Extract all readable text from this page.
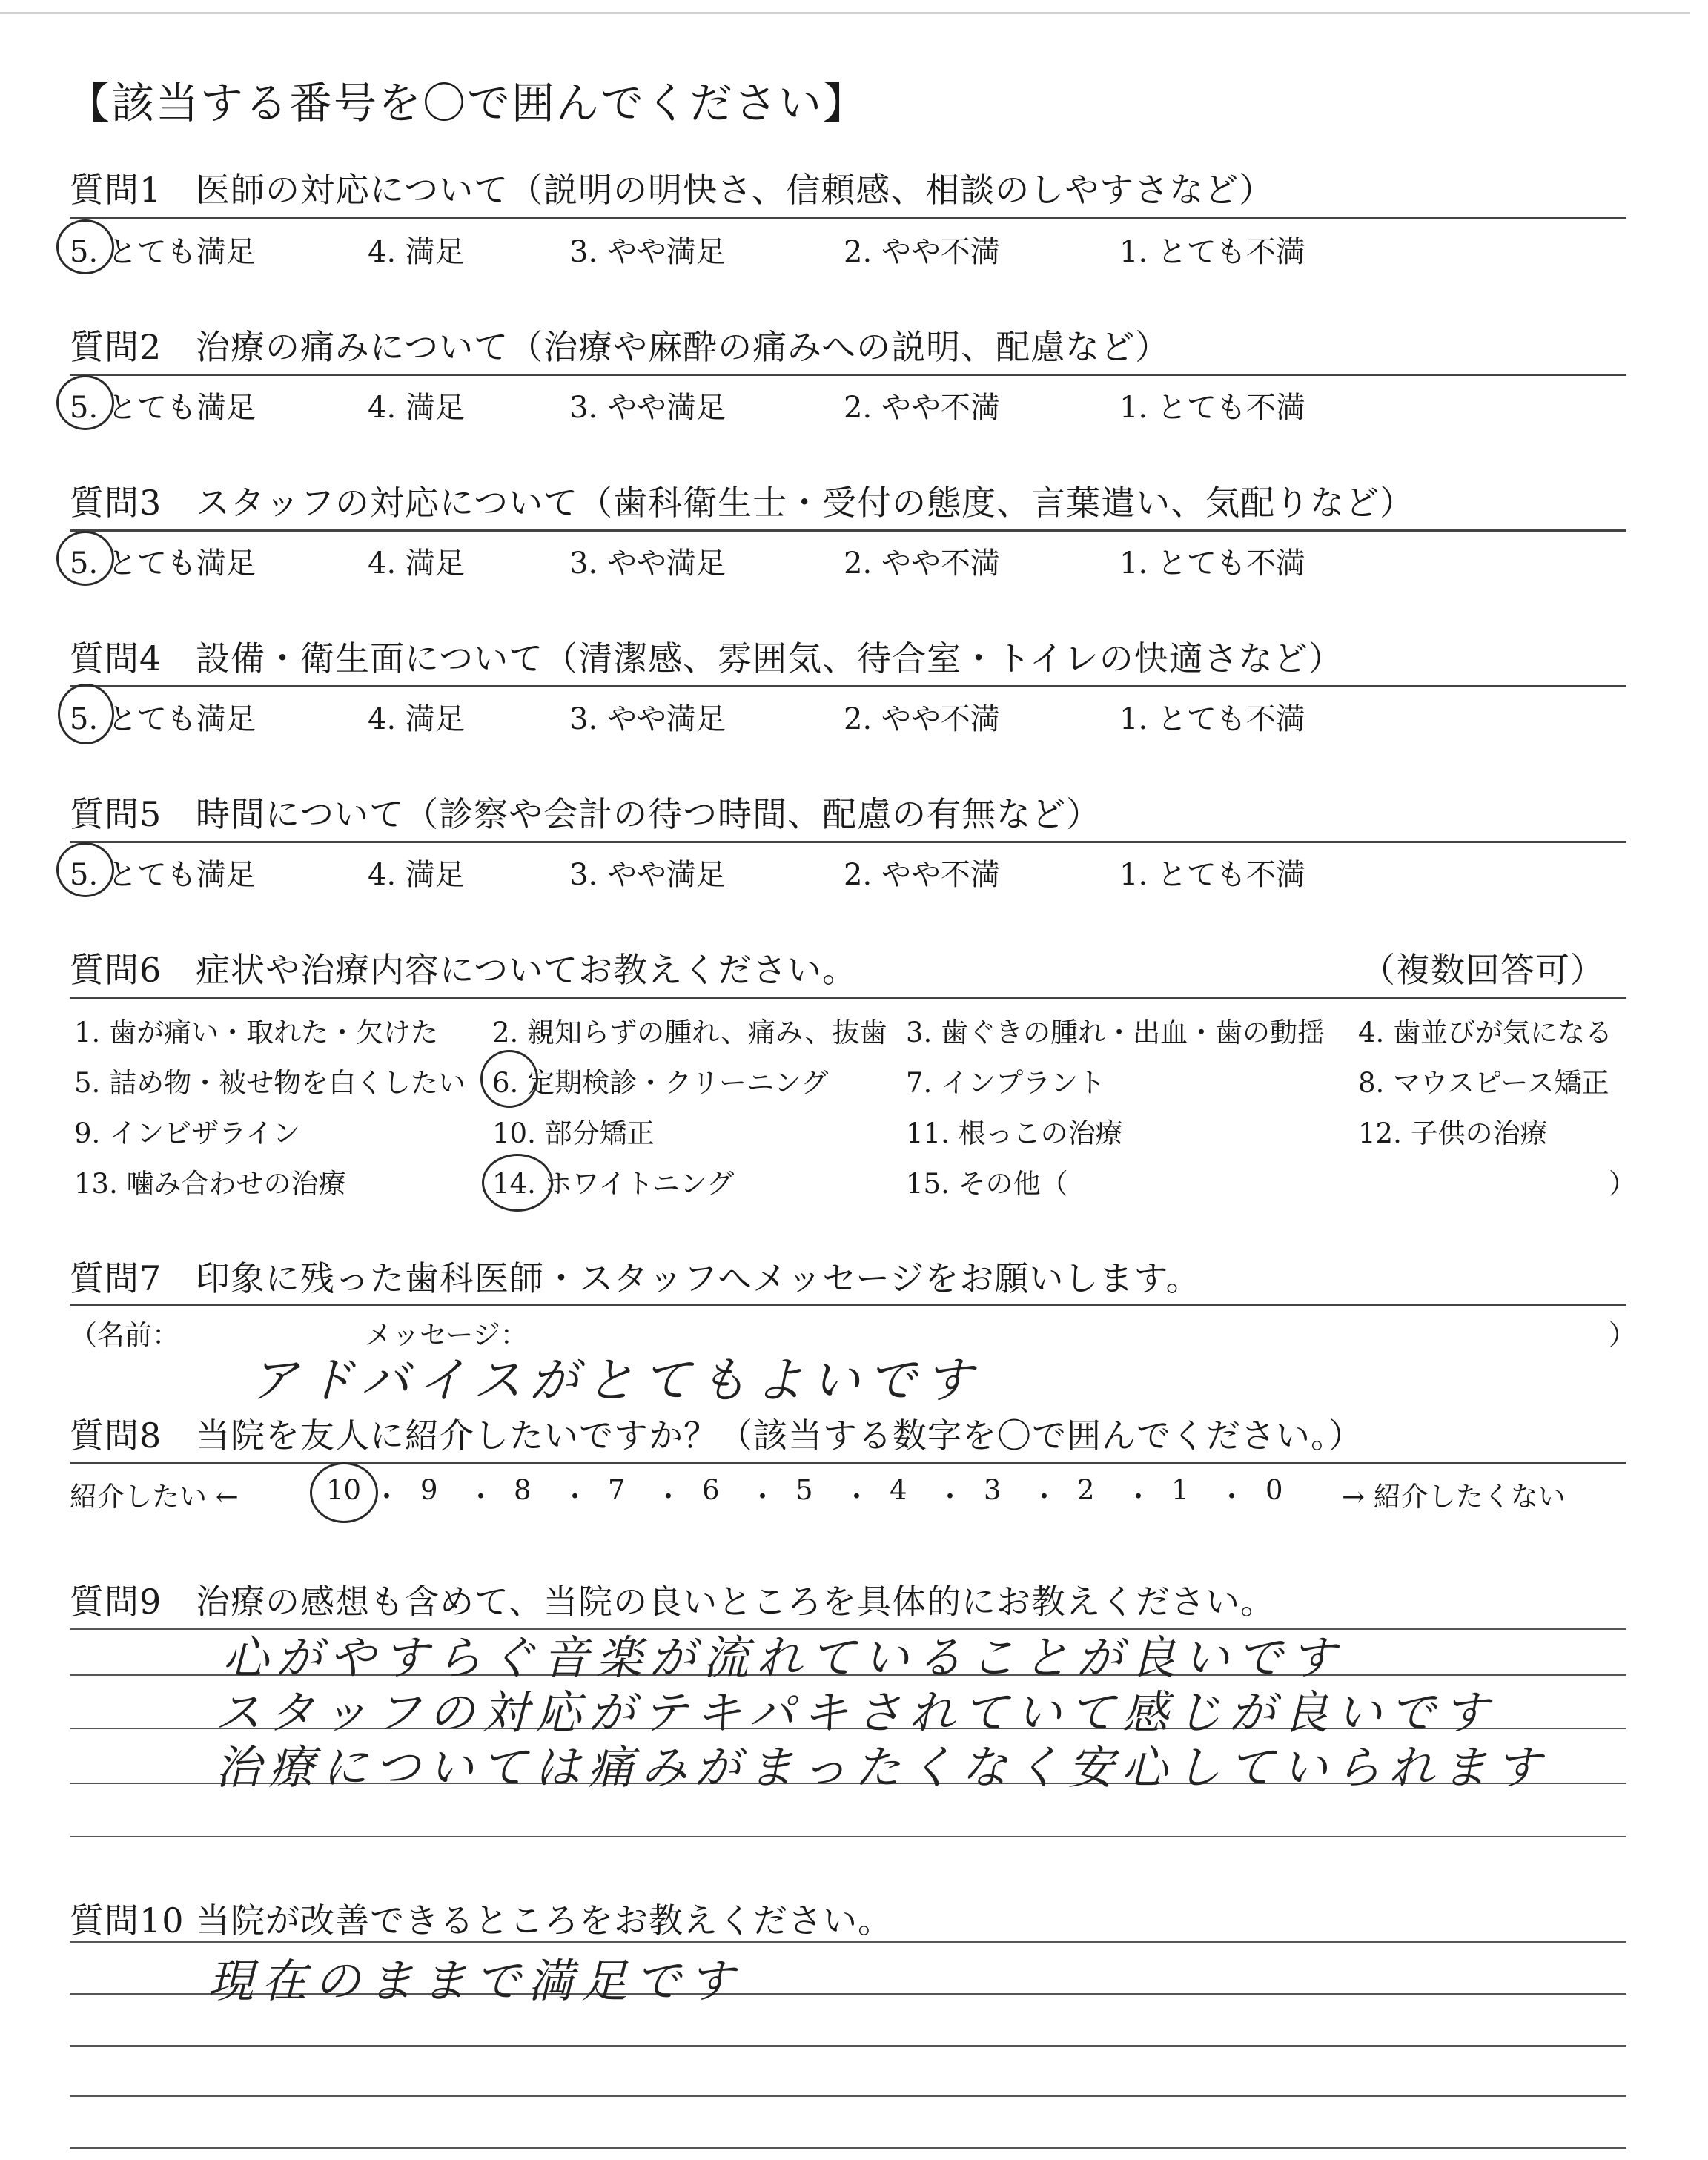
【該当する番号を〇で囲んでください】
質問1 医師の対応について（説明の明快さ、信頼感、相談のしやすさなど）
5. とても満足	4. 満足	3. やや満足	2. やや不満	1. とても不満
質問2 治療の痛みについて（治療や麻酔の痛みへの説明、配慮など）
5. とても満足	4. 満足	3. やや満足	2. やや不満	1. とても不満
質問3 スタッフの対応について（歯科衛生士・受付の態度、言葉遣い、気配りなど）
5. とても満足	4. 満足	3. やや満足	2. やや不満	1. とても不満
質問4 設備・衛生面について（清潔感、雰囲気、待合室・トイレの快適さなど）
5. とても満足	4. 満足	3. やや満足	2. やや不満	1. とても不満
質問5 時間について（診察や会計の待つ時間、配慮の有無など）
5. とても満足	4. 満足	3. やや満足	2. やや不満	1. とても不満
質問6 症状や治療内容についてお教えください。	（複数回答可）
1. 歯が痛い・取れた・欠けた 2. 親知らずの腫れ、痛み、抜歯 3. 歯ぐきの腫れ・出血・歯の動揺 4. 歯並びが気になる
5. 詰め物・被せ物を白くしたい 6. 定期検診・クリーニング	7. インプラント	8. マウスピース矯正
9. インビザライン	10. 部分矯正	11. 根っこの治療	12. 子供の治療
13. 噛み合わせの治療	14. ホワイトニング	15. その他（	）
質問7 印象に残った歯科医師・スタッフへメッセージをお願いします。
（名前：	メッセージ：	）
アドバイスがとてもよいです
質問8 当院を友人に紹介したいですか？（該当する数字を〇で囲んでください。）
紹介したい ←	10 ・ 9 ・ 8 ・ 7 ・ 6 ・ 5 ・ 4 ・ 3 ・ 2 ・ 1 ・ 0 → 紹介したくない
質問9 治療の感想も含めて、当院の良いところを具体的にお教えください。
心がやすらぐ音楽が流れていることが良いです
スタッフの対応がテキパキされていて感じが良いです
治療については痛みがまったくなく安心していられます
質問10 当院が改善できるところをお教えください。
現在のままで満足です
